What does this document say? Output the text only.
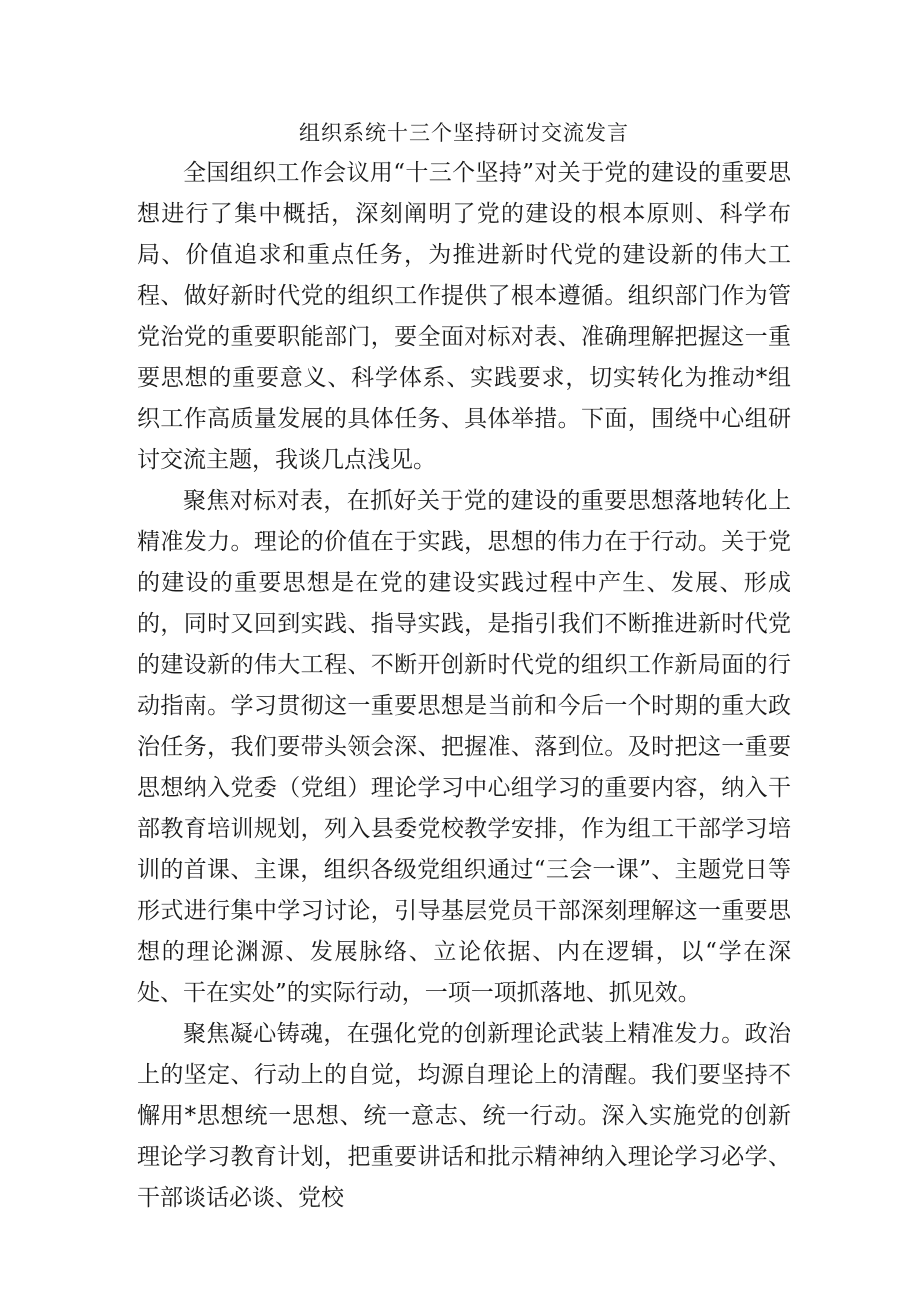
组织系统十三个坚持研讨交流发言

全国组织工作会议用“十三个坚持”对关于党的建设的重要思想进行了集中概括，深刻阐明了党的建设的根本原则、科学布局、价值追求和重点任务，为推进新时代党的建设新的伟大工程、做好新时代党的组织工作提供了根本遵循。组织部门作为管党治党的重要职能部门，要全面对标对表、准确理解把握这一重要思想的重要意义、科学体系、实践要求，切实转化为推动*组织工作高质量发展的具体任务、具体举措。下面，围绕中心组研讨交流主题，我谈几点浅见。

聚焦对标对表，在抓好关于党的建设的重要思想落地转化上精准发力。理论的价值在于实践，思想的伟力在于行动。关于党的建设的重要思想是在党的建设实践过程中产生、发展、形成的，同时又回到实践、指导实践，是指引我们不断推进新时代党的建设新的伟大工程、不断开创新时代党的组织工作新局面的行动指南。学习贯彻这一重要思想是当前和今后一个时期的重大政治任务，我们要带头领会深、把握准、落到位。及时把这一重要思想纳入党委（党组）理论学习中心组学习的重要内容，纳入干部教育培训规划，列入县委党校教学安排，作为组工干部学习培训的首课、主课，组织各级党组织通过“三会一课”、主题党日等形式进行集中学习讨论，引导基层党员干部深刻理解这一重要思想的理论渊源、发展脉络、立论依据、内在逻辑，以“学在深处、干在实处”的实际行动，一项一项抓落地、抓见效。

聚焦凝心铸魂，在强化党的创新理论武装上精准发力。政治上的坚定、行动上的自觉，均源自理论上的清醒。我们要坚持不懈用*思想统一思想、统一意志、统一行动。深入实施党的创新理论学习教育计划，把重要讲话和批示精神纳入理论学习必学、干部谈话必谈、党校
